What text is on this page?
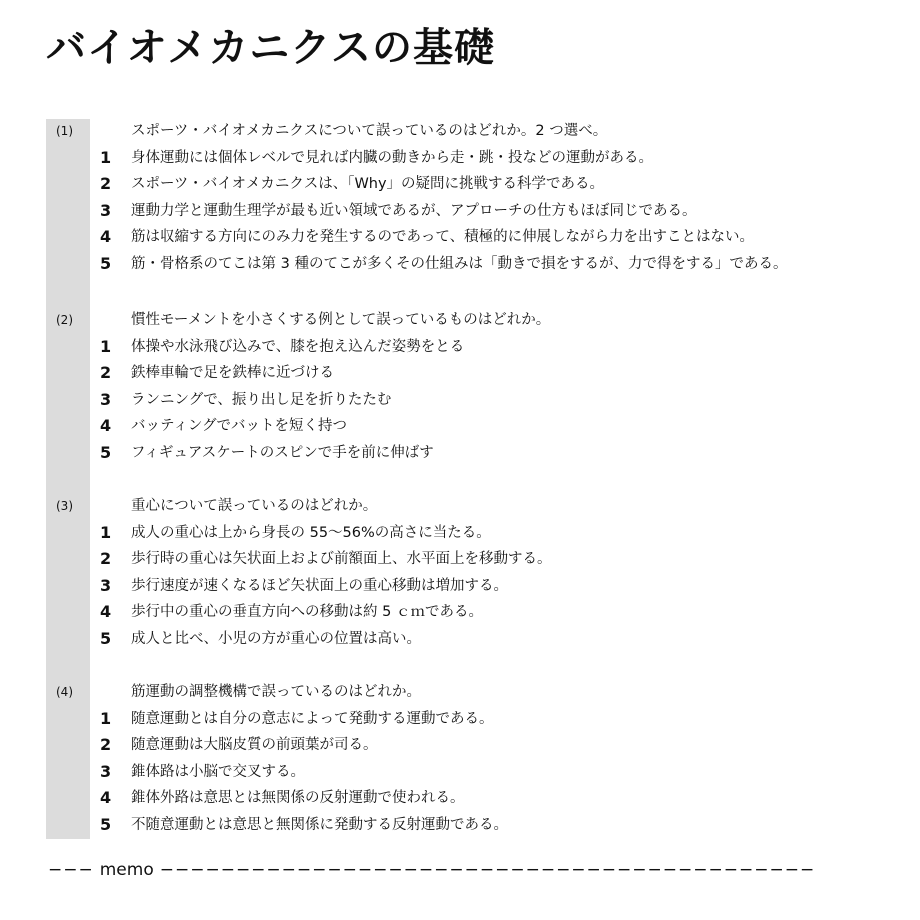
バイオメカニクスの基礎
(1)	スポーツ・バイオメカニクスについて誤っているのはどれか。2 つ選べ。
1 身体運動には個体レベルで見れば内臓の動きから走・跳・投などの運動がある。
2 スポーツ・バイオメカニクスは、「Why」の疑問に挑戦する科学である。
3 運動力学と運動生理学が最も近い領域であるが、アプローチの仕方もほぼ同じである。
4 筋は収縮する方向にのみ力を発生するのであって、積極的に伸展しながら力を出すことはない。
5 筋・骨格系のてこは第 3 種のてこが多くその仕組みは「動きで損をするが、力で得をする」である。
(2)	慣性モーメントを小さくする例として誤っているものはどれか。
1 体操や水泳飛び込みで、膝を抱え込んだ姿勢をとる
2 鉄棒車輪で足を鉄棒に近づける
3 ランニングで、振り出し足を折りたたむ
4 バッティングでバットを短く持つ
5 フィギュアスケートのスピンで手を前に伸ばす
(3)	重心について誤っているのはどれか。
1 成人の重心は上から身長の 55～56%の高さに当たる。
2 歩行時の重心は矢状面上および前額面上、水平面上を移動する。
3 歩行速度が速くなるほど矢状面上の重心移動は増加する。
4 歩行中の重心の垂直方向への移動は約 5 ｃｍである。
5 成人と比べ、小児の方が重心の位置は高い。
(4)	筋運動の調整機構で誤っているのはどれか。
1 随意運動とは自分の意志によって発動する運動である。
2 随意運動は大脳皮質の前頭葉が司る。
3 錐体路は小脳で交叉する。
4 錐体外路は意思とは無関係の反射運動で使われる。
5 不随意運動とは意思と無関係に発動する反射運動である。
−−− memo −−−−−−−−−−−−−−−−−−−−−−−−−−−−−−−−−−−−−−−−−−−
